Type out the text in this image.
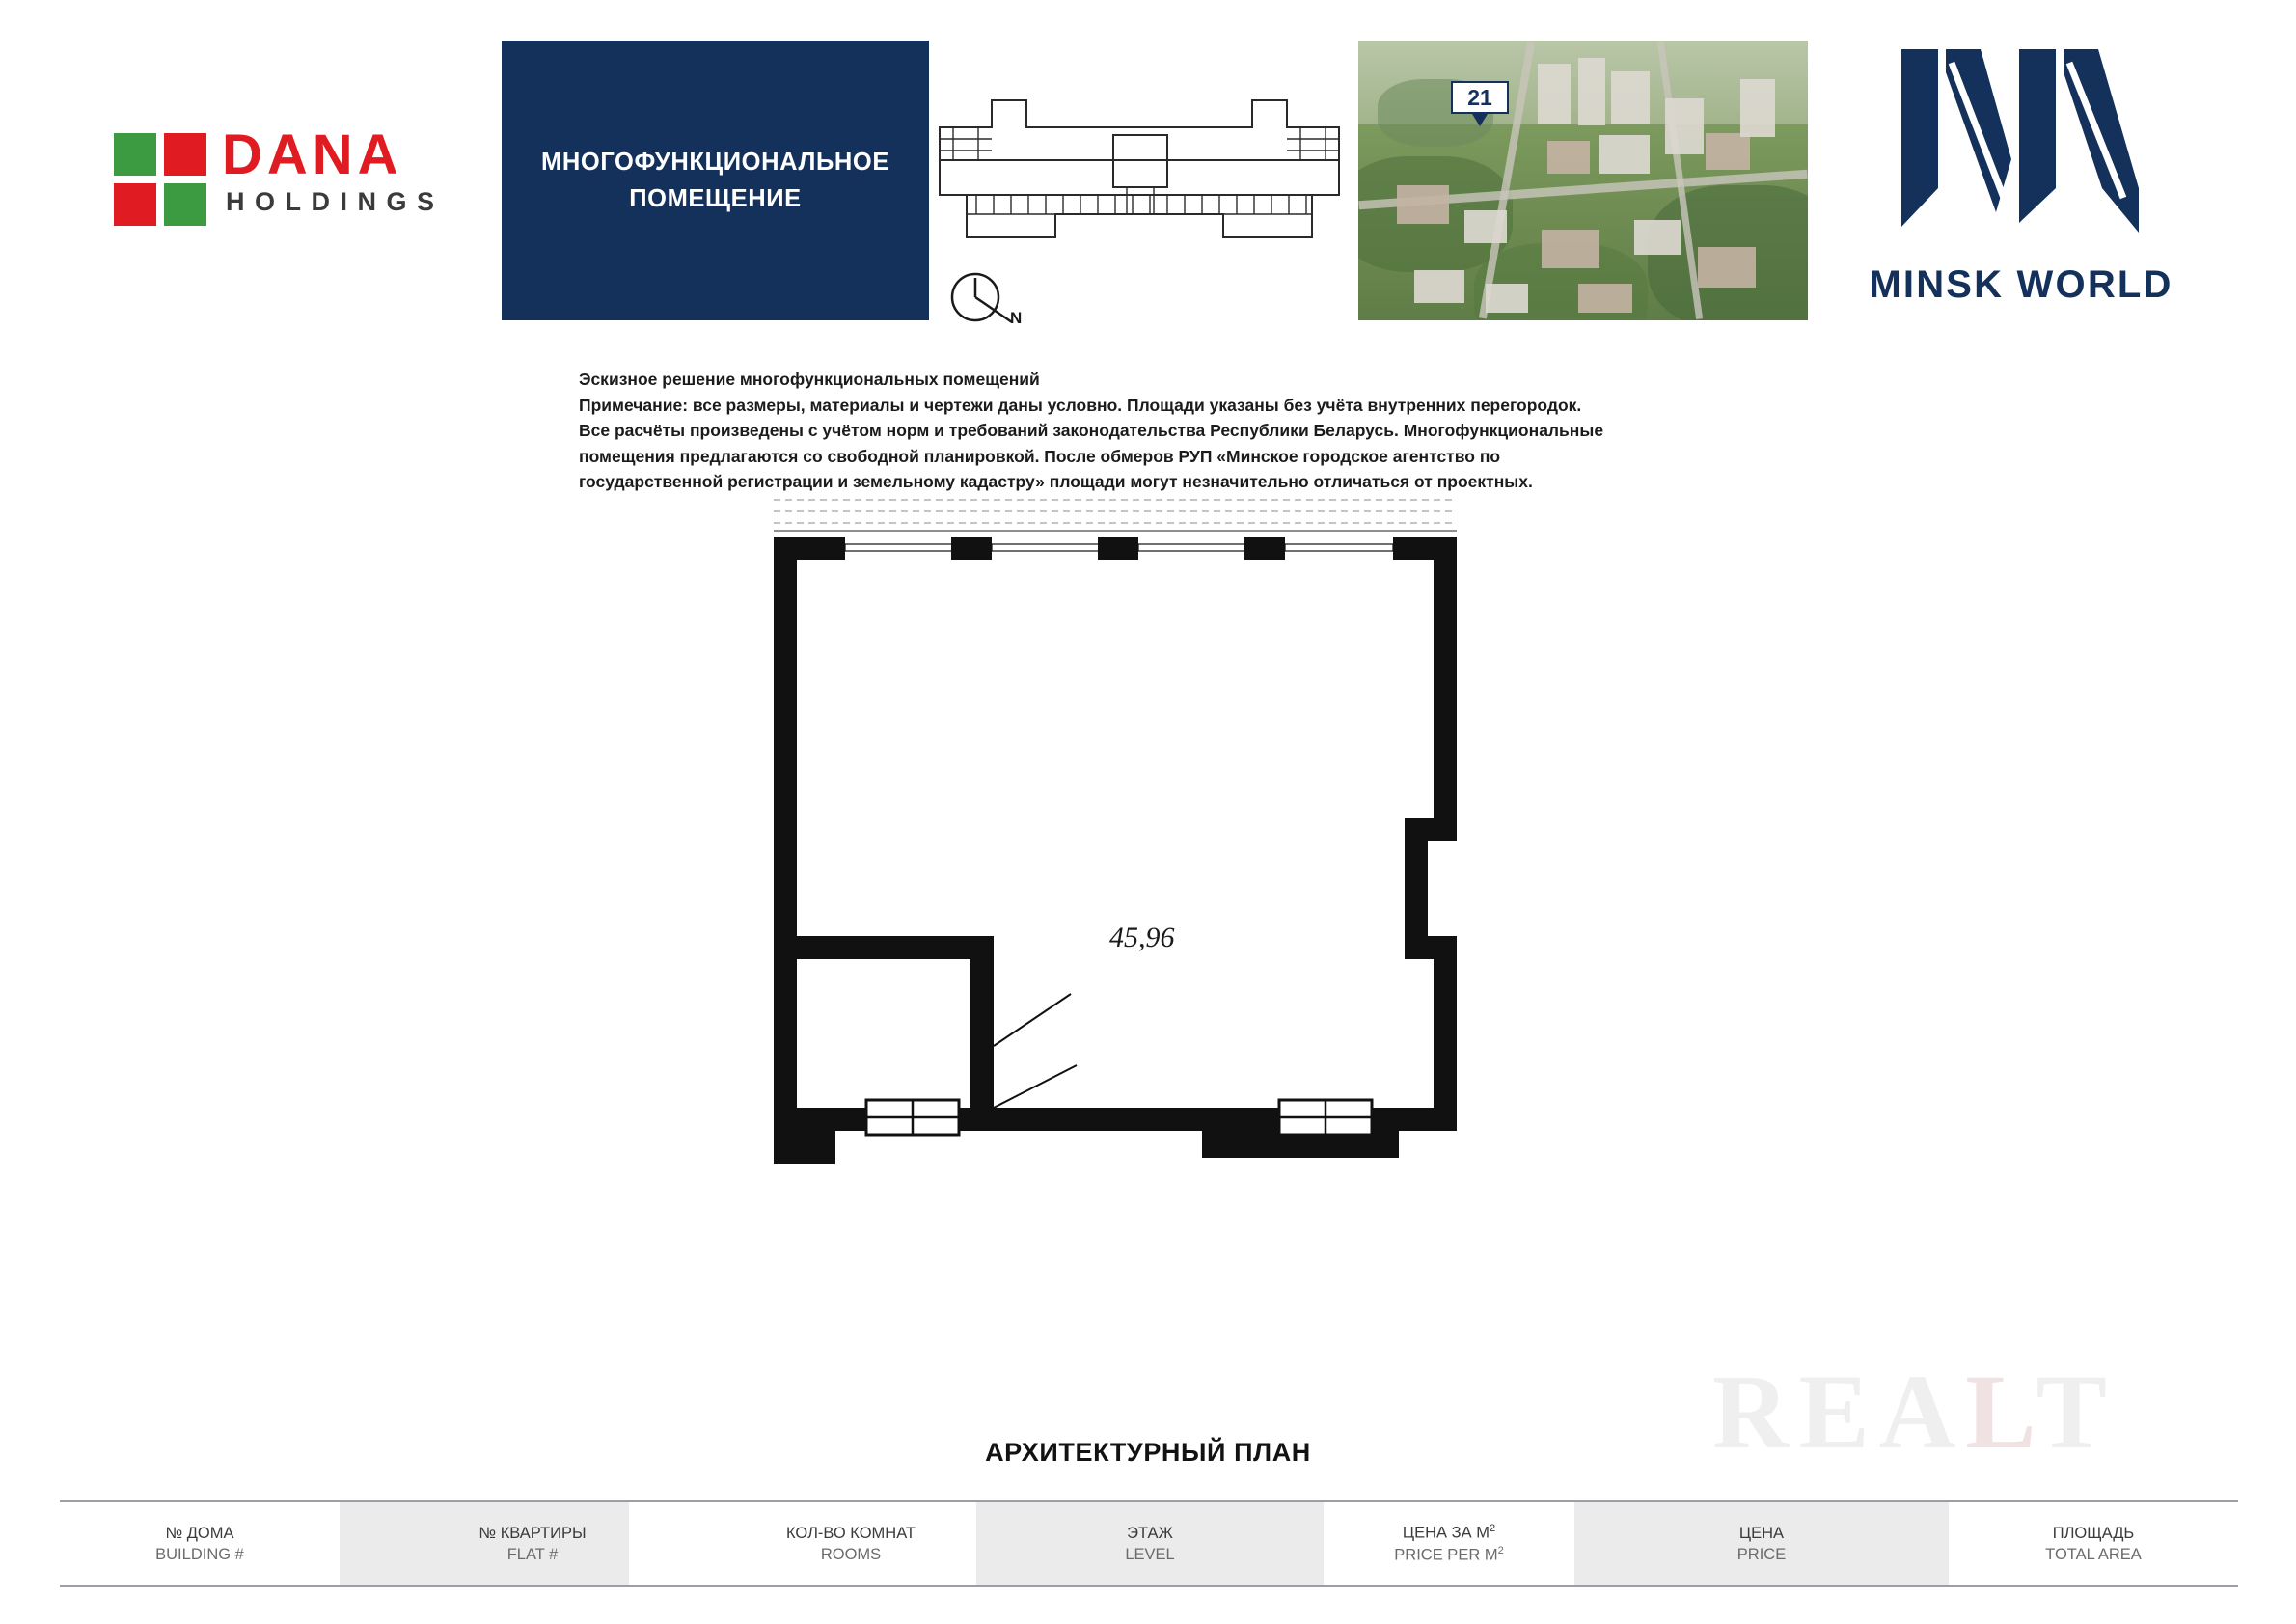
DANA
HOLDINGS
МНОГОФУНКЦИОНАЛЬНОЕ
ПОМЕЩЕНИЕ
N
21
MINSK WORLD

Эскизное решение многофункциональных помещений

Примечание: все размеры, материалы и чертежи даны условно. Площади указаны без учёта внутренних перегородок.

Все расчёты произведены с учётом норм и требований законодательства Республики Беларусь. Многофункциональные

помещения предлагаются со свободной планировкой. После обмеров РУП «Минское городское агентство по

государственной регистрации и земельному кадастру» площади могут незначительно отличаться от проектных.

45,96
АРХИТЕКТУРНЫЙ ПЛАН	REALT
№ ДОМА
BUILDING #
№ КВАРТИРЫ
FLAT #
КОЛ-ВО КОМНАТ
ROOMS
ЭТАЖ
LEVEL
ЦЕНА ЗА $М^2$
PRICE PER $M^2$
ЦЕНА
PRICE
ПЛОЩАДЬ
TOTAL AREA
